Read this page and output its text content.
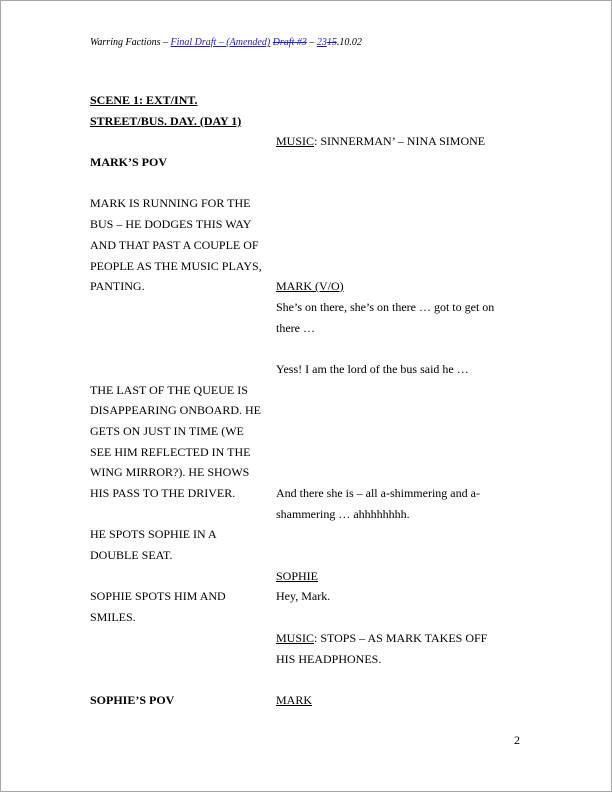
Warring Factions – Final Draft – (Amended) Draft #3 – 2315.10.02
SCENE 1: EXT/INT.
STREET/BUS. DAY. (DAY 1)
MUSIC: SINNERMAN’ – NINA SIMONE
MARK’S POV
MARK IS RUNNING FOR THE
BUS – HE DODGES THIS WAY
AND THAT PAST A COUPLE OF
PEOPLE AS THE MUSIC PLAYS,
PANTING.	MARK (V/O)
She’s on there, she’s on there … got to get on
there …
Yess! I am the lord of the bus said he …
THE LAST OF THE QUEUE IS
DISAPPEARING ONBOARD. HE
GETS ON JUST IN TIME (WE
SEE HIM REFLECTED IN THE
WING MIRROR?). HE SHOWS
HIS PASS TO THE DRIVER.	And there she is – all a-shimmering and a-
shammering … ahhhhhhhh.
HE SPOTS SOPHIE IN A
DOUBLE SEAT.
SOPHIE
SOPHIE SPOTS HIM AND	Hey, Mark.
SMILES.
MUSIC: STOPS – AS MARK TAKES OFF
HIS HEADPHONES.
SOPHIE’S POV	MARK
2
